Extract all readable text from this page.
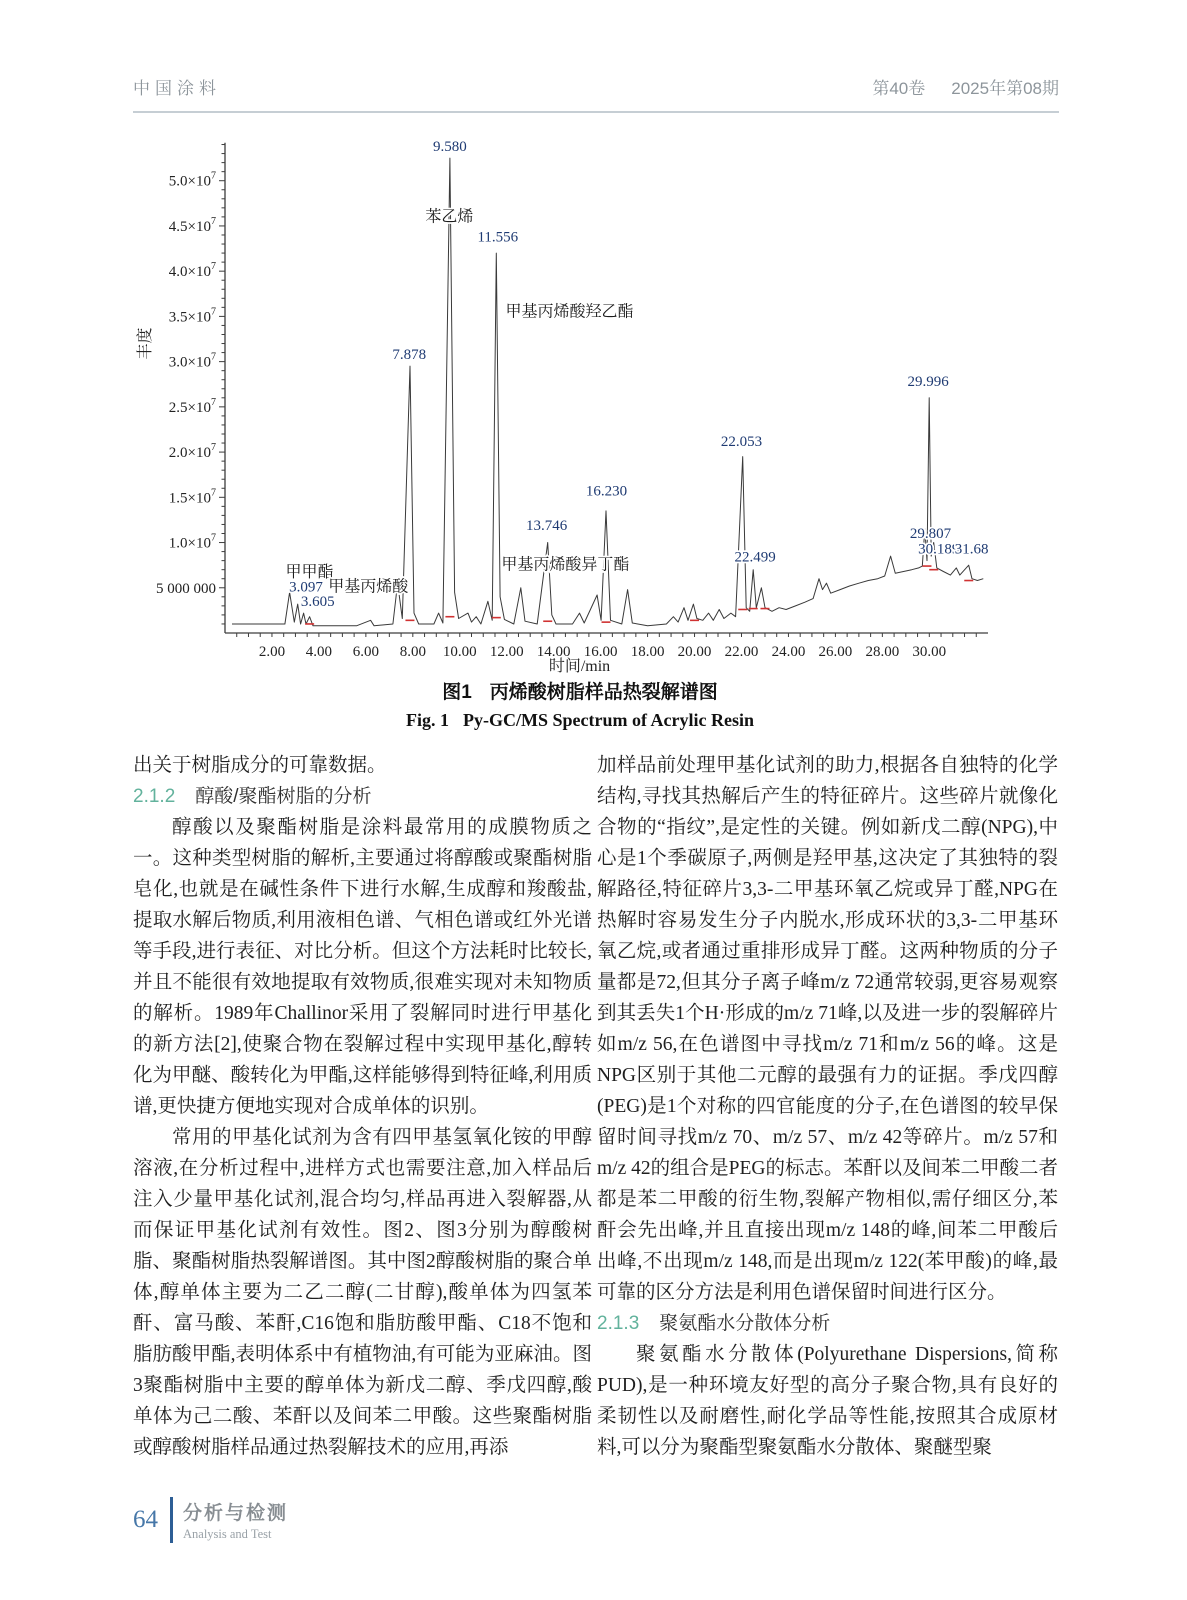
中国涂料	第40卷 2025年第08期
5 000 000
$1.0\times 10^7$
$1.5\times 10^7$
$2.0\times 10^7$
$2.5\times 10^7$
$3.0\times 10^7$
$3.5\times 10^7$
$4.0\times 10^7$
$4.5\times 10^7$
$5.0\times 10^7$
2.00 4.00 6.00 8.00 10.00 12.00 14.00 16.00 18.00 20.00 22.00 24.00 26.00 28.00 30.00
9.580
苯乙烯
11.556
甲基丙烯酸羟乙酯
7.878
29.996
22.053
16.230
13.746
29.807
30.189
31.68
22.499
甲基丙烯酸异丁酯
甲甲酯
3.097 甲基丙烯酸
3.605
丰度
时间/min
图1 丙烯酸树脂样品热裂解谱图
Fig. 1 Py-GC/MS Spectrum of Acrylic Resin

出关于树脂成分的可靠数据。

2.1.2 醇酸/聚酯树脂的分析

醇酸以及聚酯树脂是涂料最常用的成膜物质之一。这种类型树脂的解析,主要通过将醇酸或聚酯树脂皂化,也就是在碱性条件下进行水解,生成醇和羧酸盐,提取水解后物质,利用液相色谱、气相色谱或红外光谱等手段,进行表征、对比分析。但这个方法耗时比较长,并且不能很有效地提取有效物质,很难实现对未知物质的解析。1989年Challinor采用了裂解同时进行甲基化的新方法[2],使聚合物在裂解过程中实现甲基化,醇转化为甲醚、酸转化为甲酯,这样能够得到特征峰,利用质谱,更快捷方便地实现对合成单体的识别。

常用的甲基化试剂为含有四甲基氢氧化铵的甲醇溶液,在分析过程中,进样方式也需要注意,加入样品后注入少量甲基化试剂,混合均匀,样品再进入裂解器,从而保证甲基化试剂有效性。图2、图3分别为醇酸树脂、聚酯树脂热裂解谱图。其中图2醇酸树脂的聚合单体,醇单体主要为二乙二醇(二甘醇),酸单体为四氢苯酐、富马酸、苯酐,C16饱和脂肪酸甲酯、C18不饱和脂肪酸甲酯,表明体系中有植物油,有可能为亚麻油。图3聚酯树脂中主要的醇单体为新戊二醇、季戊四醇,酸单体为己二酸、苯酐以及间苯二甲酸。这些聚酯树脂或醇酸树脂样品通过热裂解技术的应用,再添

加样品前处理甲基化试剂的助力,根据各自独特的化学结构,寻找其热解后产生的特征碎片。这些碎片就像化合物的“指纹”,是定性的关键。例如新戊二醇(NPG),中心是1个季碳原子,两侧是羟甲基,这决定了其独特的裂解路径,特征碎片3,3-二甲基环氧乙烷或异丁醛,NPG在热解时容易发生分子内脱水,形成环状的3,3-二甲基环氧乙烷,或者通过重排形成异丁醛。这两种物质的分子量都是72,但其分子离子峰m/z 72通常较弱,更容易观察到其丢失1个H·形成的m/z 71峰,以及进一步的裂解碎片如m/z 56,在色谱图中寻找m/z 71和m/z 56的峰。这是NPG区别于其他二元醇的最强有力的证据。季戊四醇(PEG)是1个对称的四官能度的分子,在色谱图的较早保留时间寻找m/z 70、m/z 57、m/z 42等碎片。m/z 57和m/z 42的组合是PEG的标志。苯酐以及间苯二甲酸二者都是苯二甲酸的衍生物,裂解产物相似,需仔细区分,苯酐会先出峰,并且直接出现m/z 148的峰,间苯二甲酸后出峰,不出现m/z 148,而是出现m/z 122(苯甲酸)的峰,最可靠的区分方法是利用色谱保留时间进行区分。

2.1.3 聚氨酯水分散体分析

聚氨酯水分散体(Polyurethane Dispersions,简称PUD),是一种环境友好型的高分子聚合物,具有良好的柔韧性以及耐磨性,耐化学品等性能,按照其合成原材料,可以分为聚酯型聚氨酯水分散体、聚醚型聚

64 分析与检测
Analysis and Test
